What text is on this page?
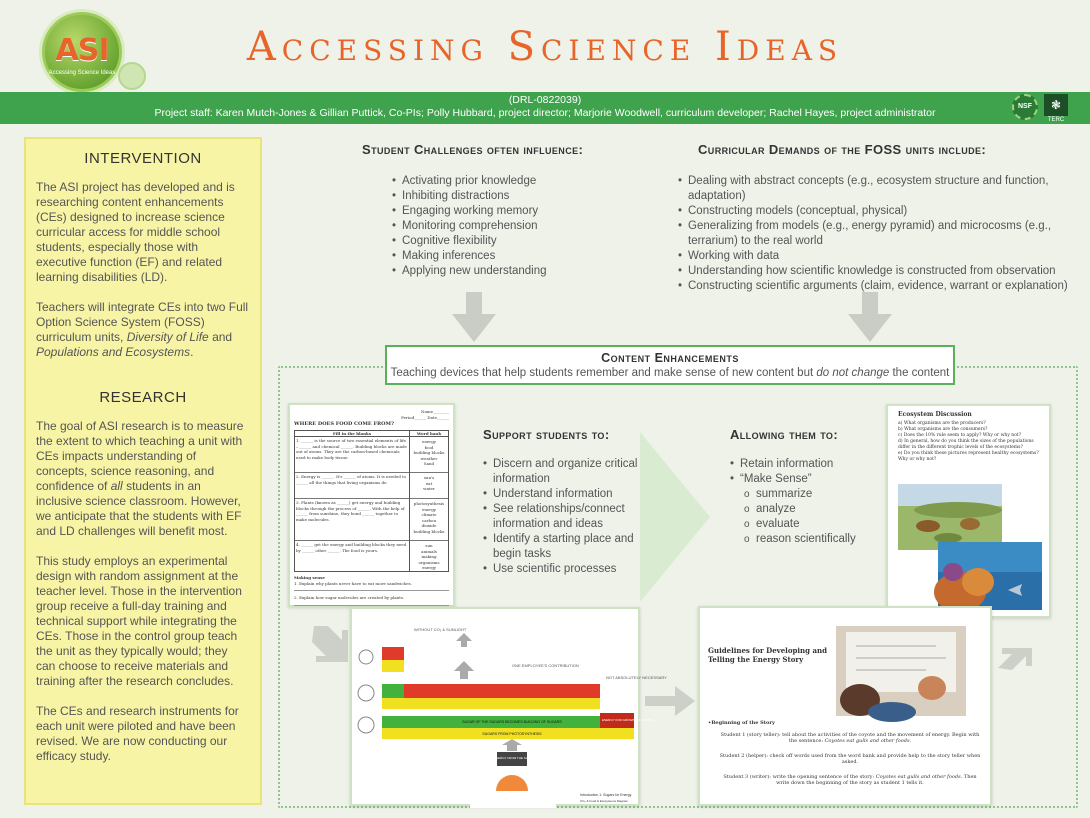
ASI
Accessing Science Ideas
Accessing Science Ideas
(DRL-0822039)
Project staff: Karen Mutch-Jones & Gillian Puttick, Co-PIs; Polly Hubbard, project director; Marjorie Woodwell, curriculum developer; Rachel Hayes, project administrator
NSF	❃
TERC
INTERVENTION

The ASI project has developed and is researching content enhancements (CEs) designed to increase science curricular access for middle school students, especially those with executive function (EF) and related learning disabilities (LD).

Teachers will integrate CEs into two Full Option Science System (FOSS) curriculum units, Diversity of Life and Populations and Ecosystems.

RESEARCH

The goal of ASI research is to measure the extent to which teaching a unit with CEs impacts understanding of concepts, science reasoning, and confidence of all students in an inclusive science classroom. However, we anticipate that the students with EF and LD challenges will benefit most.

This study employs an experimental design with random assignment at the teacher level. Those in the intervention group receive a full-day training and technical support while integrating the CEs. Those in the control group teach the unit as they typically would; they can choose to receive materials and training after the research concludes.

The CEs and research instruments for each unit were piloted and have been revised. We are now conducting our efficacy study.

Student Challenges often influence:
• Activating prior knowledge
• Inhibiting distractions
• Engaging working memory
• Monitoring comprehension
• Cognitive flexibility
• Making inferences
• Applying new understanding
Curricular Demands of the FOSS units include:
• Dealing with abstract concepts (e.g., ecosystem structure and function, adaptation)
• Constructing models (conceptual, physical)
• Generalizing from models (e.g., energy pyramid) and microcosms (e.g., terrarium) to the real world
• Working with data
• Understanding how scientific knowledge is constructed from observation
• Constructing scientific arguments (claim, evidence, warrant or explanation)
Content Enhancements
Teaching devices that help students remember and make sense of new content but do not change the content
Support students to:
• Discern and organize critical information
• Understand information
• See relationships/connect information and ideas
• Identify a starting place and begin tasks
• Use scientific processes
Allowing them to:
• Retain information
• “Make Sense”
o summarize
o analyze
o evaluate
o reason scientifically
Name________
Period______ Date______
WHERE DOES FOOD COME FROM?
Fill in the blanks
1. ______ is the source of two essential elements of life – ______ and chemical ______. Building blocks are made out of atoms. They are the carbon-based chemicals used to make body tissue.
2. Energy is ______. It's ______ of atoms. It is needed to ______ all the things that living organisms do.
3. Plants (known as ______) get energy and building blocks through the process of ______. With the help of ______ from sunshine, they bond ______ together to make molecules.
4. ______ get the energy and building blocks they need by ______ other ______. The food is yours.
Word bank
energy
food
building blocks
weather
Sand
sun's
eat
water
photosynthesis
energy
climate
carbon
dioxide
building blocks
sun
animals
making
organisms
energy
Making sense
1. Explain why plants never have to eat more sandwiches.
2. Explain how sugar molecules are created by plants.
Ecosystem Discussion
a) What organisms are the producers?
b) What organisms are the consumers?
c) Does the 10% rule seem to apply? Why or why not?
d) In general, how do you think the sizes of the populations differ in the different trophic levels of the ecosystems?
e) Do you think these pictures represent healthy ecosystems? Why or why not?
WITHOUT CO₂ & SUNLIGHT
ONE EMPLOYEE'S CONTRIBUTION
NOT ABSOLUTELY NECESSARY
SUGAR OF THE SUGARS BECOMES BUILDING OF SUGARS
SUGARS FROM PHOTOSYNTHESIS
ENERGY FROM THE SUN
ENERGY FOR GROWING & MOVING
Introduction 1: Sugars for Energy
CO₂ & Food & Ecosystems Diagram
Guidelines for Developing and Telling the Energy Story
•Beginning of the Story
Student 1 (story teller): tell about the activities of the coyote and the movement of energy. Begin with the sentence: Coyotes eat gulls and other foods.
Student 2 (helper): check off words used from the word bank and provide help to the story teller when asked.
Student 3 (writer): write the opening sentence of the story: Coyotes eat gulls and other foods. Then write down the beginning of the story as student 1 tells it.
